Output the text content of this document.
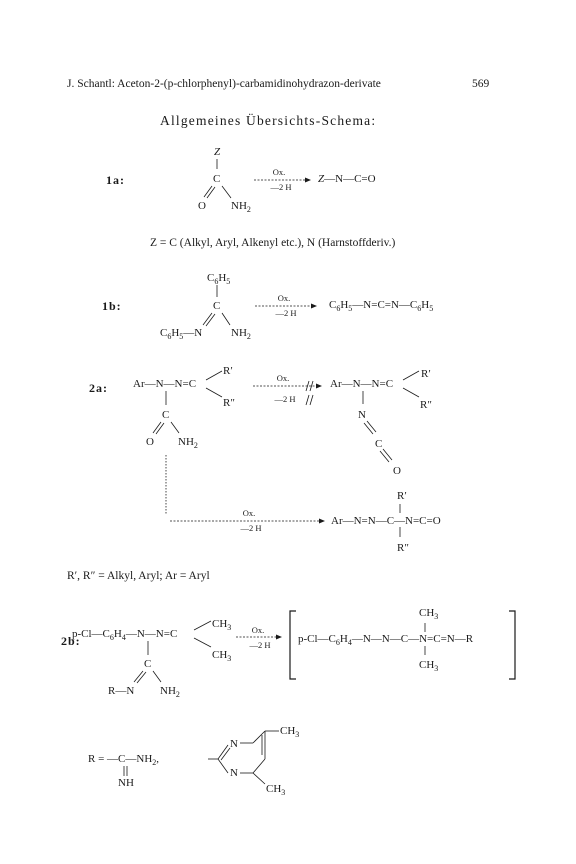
J. Schantl: Aceton-2-(p-chlorphenyl)-carbamidinohydrazon-derivate	569
Allgemeines Übersichts-Schema:
1a:
1b:
2a:
2b:
Z = C (Alkyl, Aryl, Alkenyl etc.), N (Harnstoffderiv.)
R′, R″ = Alkyl, Aryl; Ar = Aryl
Z
C
O $NH_2$
Ox.
—2 H
Z—N—C=O
$C_6H_5$
C
$C_6H_5—N$	$NH_2$
Ox.
—2 H
$C_6H_5—N=C=N—C_6H_5$
Ar—N—N=C
R′
R″
C
O $NH_2$
Ox.
—2 H
Ar—N—N=C
R′
R″
N
C
O
Ox.
—2 H
R′
Ar—N=N—C—N=C=O
R″
$p-Cl—C_6H_4—N—N=C$
$CH_3$
$CH_3$
C
R—N $NH_2$
Ox.
—2 H
$CH_3$
$p-Cl—C_6H_4—N—N—C—N=C=N—R$
$CH_3$
$R = —C—NH_2$,
NH
N
N
$CH_3$
$CH_3$
